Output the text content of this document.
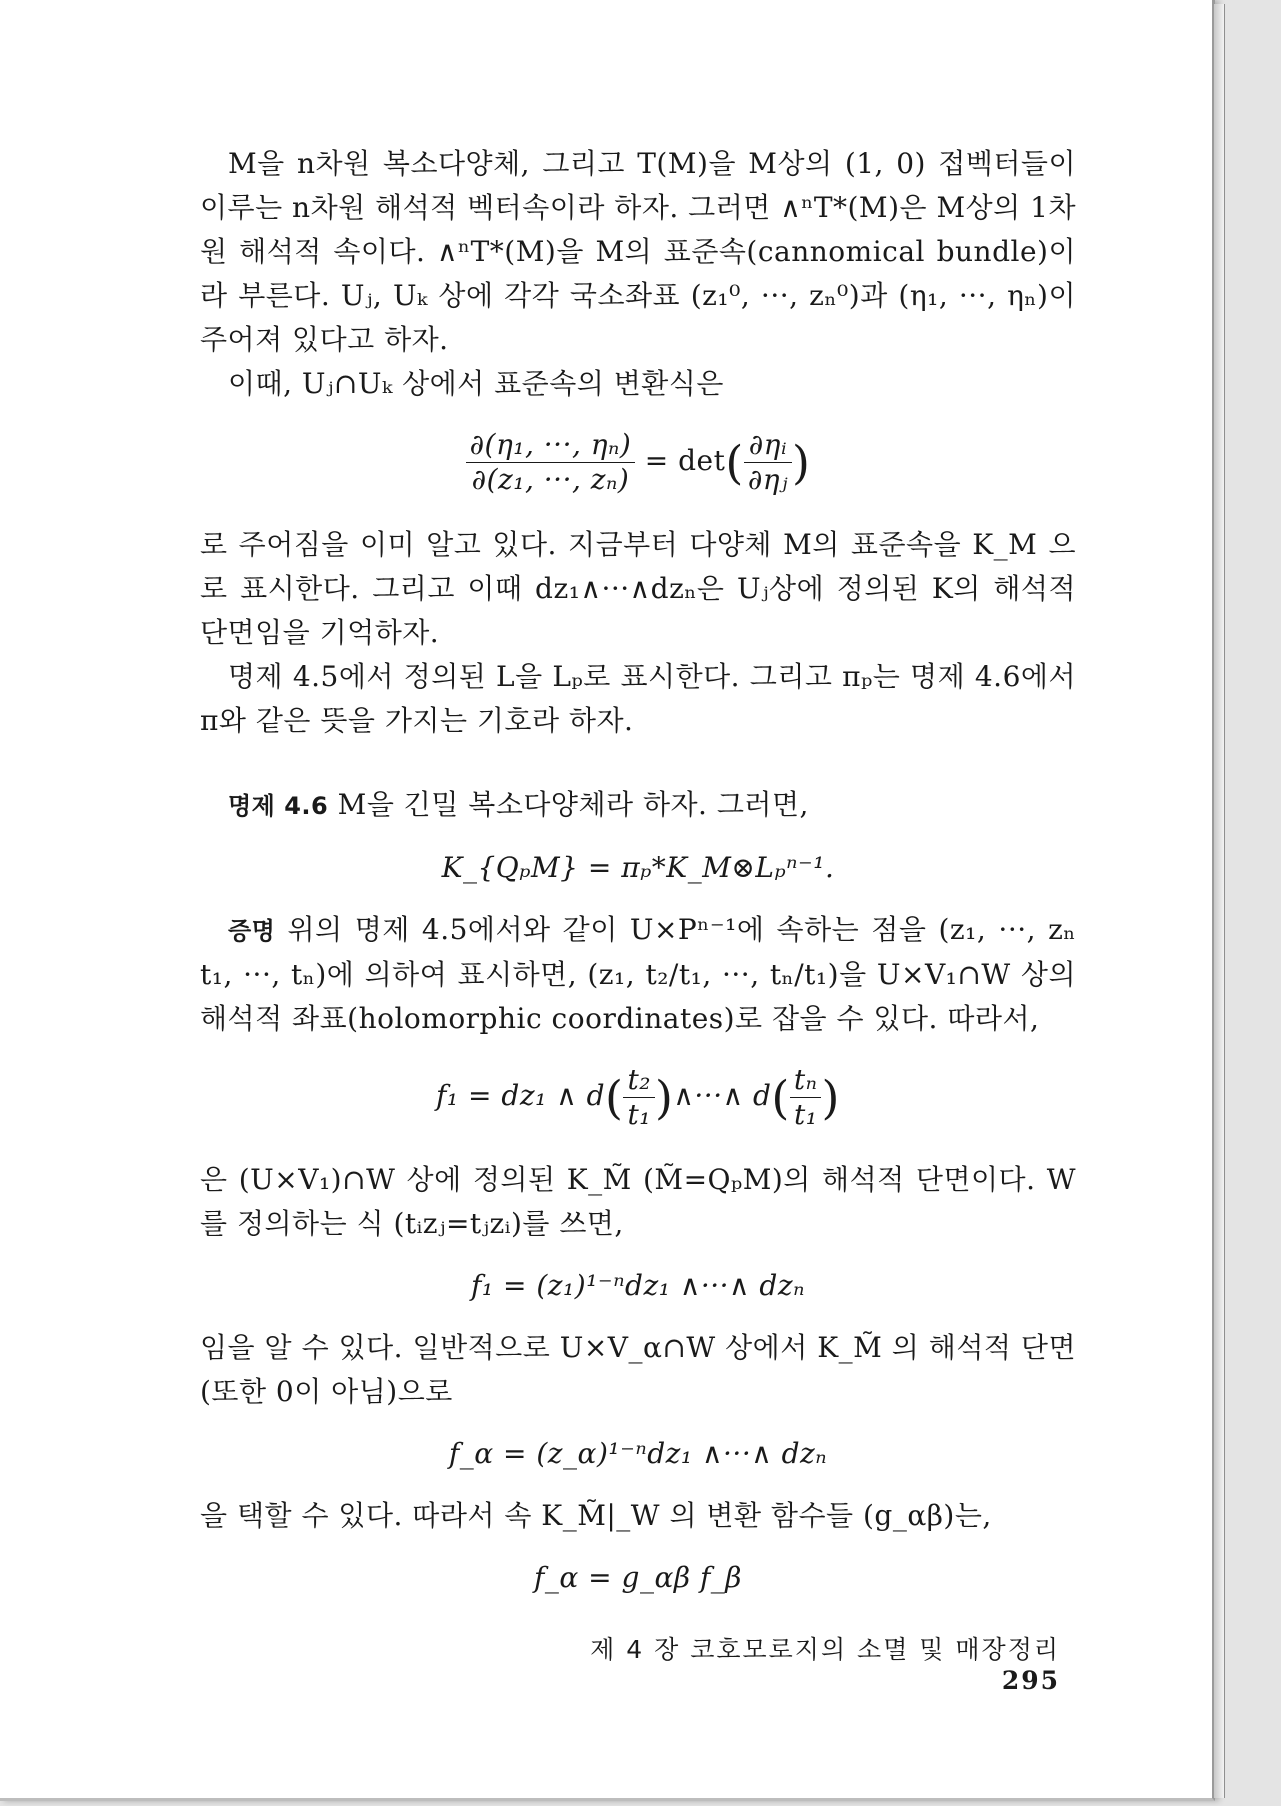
M을 n차원 복소다양체, 그리고 T(M)을 M상의 (1, 0) 접벡터들이 이루는 n차원 해석적 벡터속이라 하자. 그러면 ∧ⁿT*(M)은 M상의 1차원 해석적 속이다. ∧ⁿT*(M)을 M의 표준속(cannomical bundle)이라 부른다. Uⱼ, Uₖ 상에 각각 국소좌표 (z₁⁰, ···, zₙ⁰)과 (η₁, ···, ηₙ)이 주어져 있다고 하자.

이때, Uⱼ∩Uₖ 상에서 표준속의 변환식은

$\frac{\text{∂(η₁, ···, ηₙ)}}{\text{∂(z₁, ···, zₙ)}} = \det( \frac{\text{∂ηᵢ}}{\text{∂ηⱼ}}$ )

로 주어짐을 이미 알고 있다. 지금부터 다양체 M의 표준속을 K_M 으로 표시한다. 그리고 이때 dz₁∧···∧dzₙ은 Uⱼ상에 정의된 K의 해석적 단면임을 기억하자.

명제 4.5에서 정의된 L을 Lₚ로 표시한다. 그리고 πₚ는 명제 4.6에서 π와 같은 뜻을 가지는 기호라 하자.

명제 4.6 M을 긴밀 복소다양체라 하자. 그러면,

K_{QₚM} = πₚ*K_M⊗Lₚⁿ⁻¹.

증명 위의 명제 4.5에서와 같이 U×Pⁿ⁻¹에 속하는 점을 (z₁, ···, zₙ t₁, ···, tₙ)에 의하여 표시하면, (z₁, t₂/t₁, ···, tₙ/t₁)을 U×V₁∩W 상의 해석적 좌표(holomorphic coordinates)로 잡을 수 있다. 따라서,

f₁ = dz₁ ∧ $d( \frac{\text{t₂}}{\text{t₁}}$ )∧···∧ $d( \frac{\text{tₙ}}{\text{t₁}}$ )

은 (U×V₁)∩W 상에 정의된 K_M̃ (M̃=QₚM)의 해석적 단면이다. W를 정의하는 식 (tᵢzⱼ=tⱼzᵢ)를 쓰면,

f₁ = (z₁)¹⁻ⁿdz₁ ∧···∧ dzₙ

임을 알 수 있다. 일반적으로 U×V_α∩W 상에서 K_M̃ 의 해석적 단면(또한 0이 아님)으로

f_α = (z_α)¹⁻ⁿdz₁ ∧···∧ dzₙ

을 택할 수 있다. 따라서 속 K_M̃|_W 의 변환 함수들 (g_αβ)는,

f_α = g_αβ f_β
제 4 장 코호모로지의 소멸 및 매장정리295
